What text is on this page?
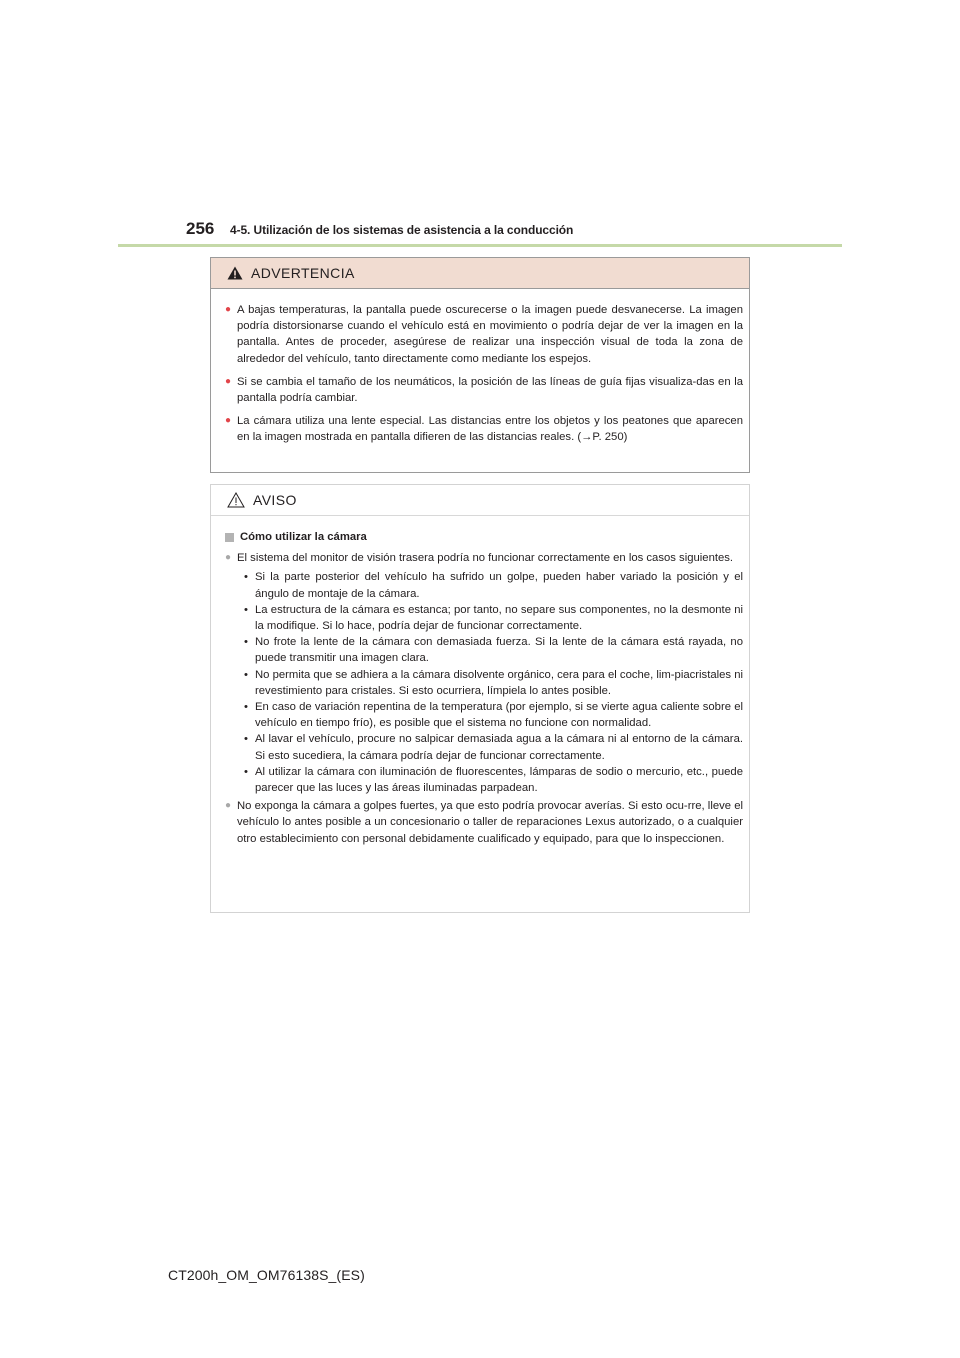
256	4-5. Utilización de los sistemas de asistencia a la conducción
ADVERTENCIA
● A bajas temperaturas, la pantalla puede oscurecerse o la imagen puede desvanecerse. La imagen podría distorsionarse cuando el vehículo está en movimiento o podría dejar de ver la imagen en la pantalla. Antes de proceder, asegúrese de realizar una inspección visual de toda la zona de alrededor del vehículo, tanto directamente como mediante los espejos.
● Si se cambia el tamaño de los neumáticos, la posición de las líneas de guía fijas visualiza-das en la pantalla podría cambiar.
● La cámara utiliza una lente especial. Las distancias entre los objetos y los peatones que aparecen en la imagen mostrada en pantalla difieren de las distancias reales. (→P. 250)
AVISO
Cómo utilizar la cámara
● El sistema del monitor de visión trasera podría no funcionar correctamente en los casos siguientes.
• Si la parte posterior del vehículo ha sufrido un golpe, pueden haber variado la posición y el ángulo de montaje de la cámara.
• La estructura de la cámara es estanca; por tanto, no separe sus componentes, no la desmonte ni la modifique. Si lo hace, podría dejar de funcionar correctamente.
• No frote la lente de la cámara con demasiada fuerza. Si la lente de la cámara está rayada, no puede transmitir una imagen clara.
• No permita que se adhiera a la cámara disolvente orgánico, cera para el coche, lim-piacristales ni revestimiento para cristales. Si esto ocurriera, límpiela lo antes posible.
• En caso de variación repentina de la temperatura (por ejemplo, si se vierte agua caliente sobre el vehículo en tiempo frío), es posible que el sistema no funcione con normalidad.
• Al lavar el vehículo, procure no salpicar demasiada agua a la cámara ni al entorno de la cámara. Si esto sucediera, la cámara podría dejar de funcionar correctamente.
• Al utilizar la cámara con iluminación de fluorescentes, lámparas de sodio o mercurio, etc., puede parecer que las luces y las áreas iluminadas parpadean.
● No exponga la cámara a golpes fuertes, ya que esto podría provocar averías. Si esto ocu-rre, lleve el vehículo lo antes posible a un concesionario o taller de reparaciones Lexus autorizado, o a cualquier otro establecimiento con personal debidamente cualificado y equipado, para que lo inspeccionen.
CT200h_OM_OM76138S_(ES)
